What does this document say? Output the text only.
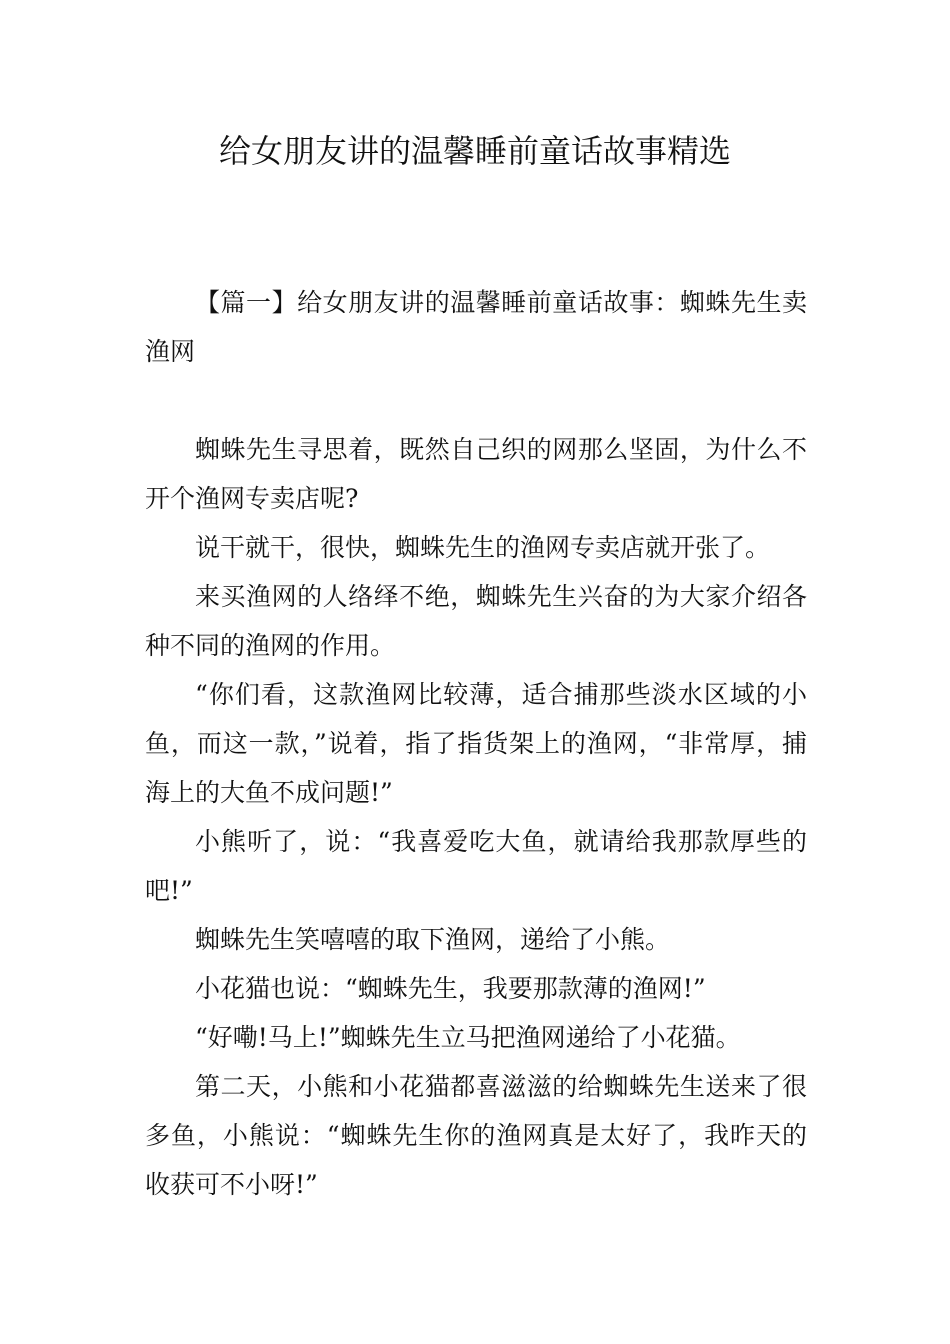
给女朋友讲的温馨睡前童话故事精选

【篇一】给女朋友讲的温馨睡前童话故事：蜘蛛先生卖渔网

蜘蛛先生寻思着，既然自己织的网那么坚固，为什么不开个渔网专卖店呢?

说干就干，很快，蜘蛛先生的渔网专卖店就开张了。

来买渔网的人络绎不绝，蜘蛛先生兴奋的为大家介绍各种不同的渔网的作用。

“你们看，这款渔网比较薄，适合捕那些淡水区域的小鱼，而这一款，”说着，指了指货架上的渔网，“非常厚，捕海上的大鱼不成问题!”

小熊听了，说：“我喜爱吃大鱼，就请给我那款厚些的吧!”

蜘蛛先生笑嘻嘻的取下渔网，递给了小熊。

小花猫也说：“蜘蛛先生，我要那款薄的渔网!”

“好嘞!马上!”蜘蛛先生立马把渔网递给了小花猫。

第二天，小熊和小花猫都喜滋滋的给蜘蛛先生送来了很多鱼，小熊说：“蜘蛛先生你的渔网真是太好了，我昨天的收获可不小呀!”
